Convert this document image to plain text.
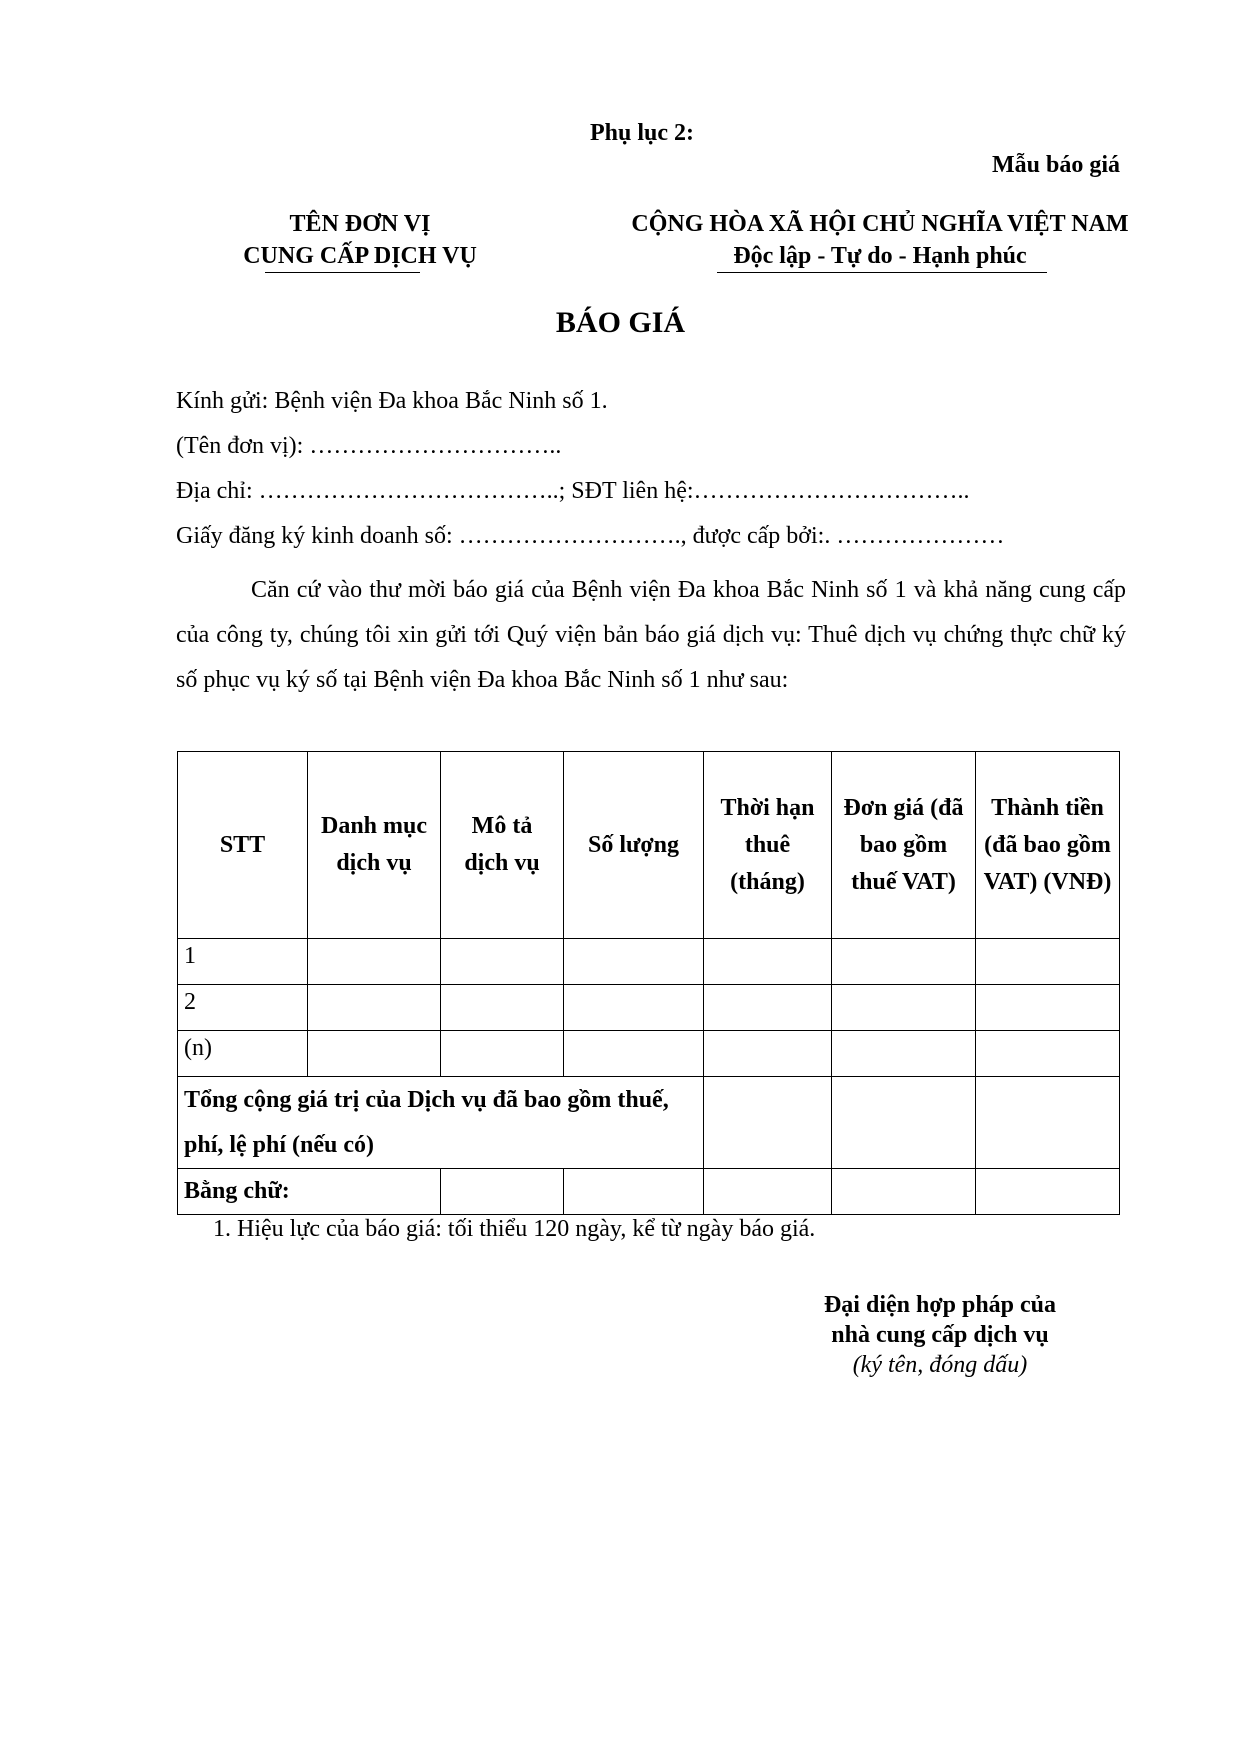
Phụ lục 2:
Mẫu báo giá
TÊN ĐƠN VỊ
CUNG CẤP DỊCH VỤ
CỘNG HÒA XÃ HỘI CHỦ NGHĨA VIỆT NAM
Độc lập - Tự do - Hạnh phúc
BÁO GIÁ
Kính gửi: Bệnh viện Đa khoa Bắc Ninh số 1.
(Tên đơn vị): …………………………..
Địa chỉ: ………………………………..; SĐT liên hệ:……………………………..
Giấy đăng ký kinh doanh số: ………………………., được cấp bởi:. …………………
Căn cứ vào thư mời báo giá của Bệnh viện Đa khoa Bắc Ninh số 1 và khả năng cung cấp của công ty, chúng tôi xin gửi tới Quý viện bản báo giá dịch vụ: Thuê dịch vụ chứng thực chữ ký số phục vụ ký số tại Bệnh viện Đa khoa Bắc Ninh số 1 như sau:
STT	Danh mục dịch vụ	Mô tả dịch vụ	Số lượng	Thời hạn thuê (tháng)	Đơn giá (đã bao gồm thuế VAT)	Thành tiền (đã bao gồm VAT) (VNĐ)
1						
2						
(n)						
Tổng cộng giá trị của Dịch vụ đã bao gồm thuế, phí, lệ phí (nếu có)						
Bằng chữ:						
1. Hiệu lực của báo giá: tối thiểu 120 ngày, kể từ ngày báo giá.
Đại diện hợp pháp của
nhà cung cấp dịch vụ
(ký tên, đóng dấu)
